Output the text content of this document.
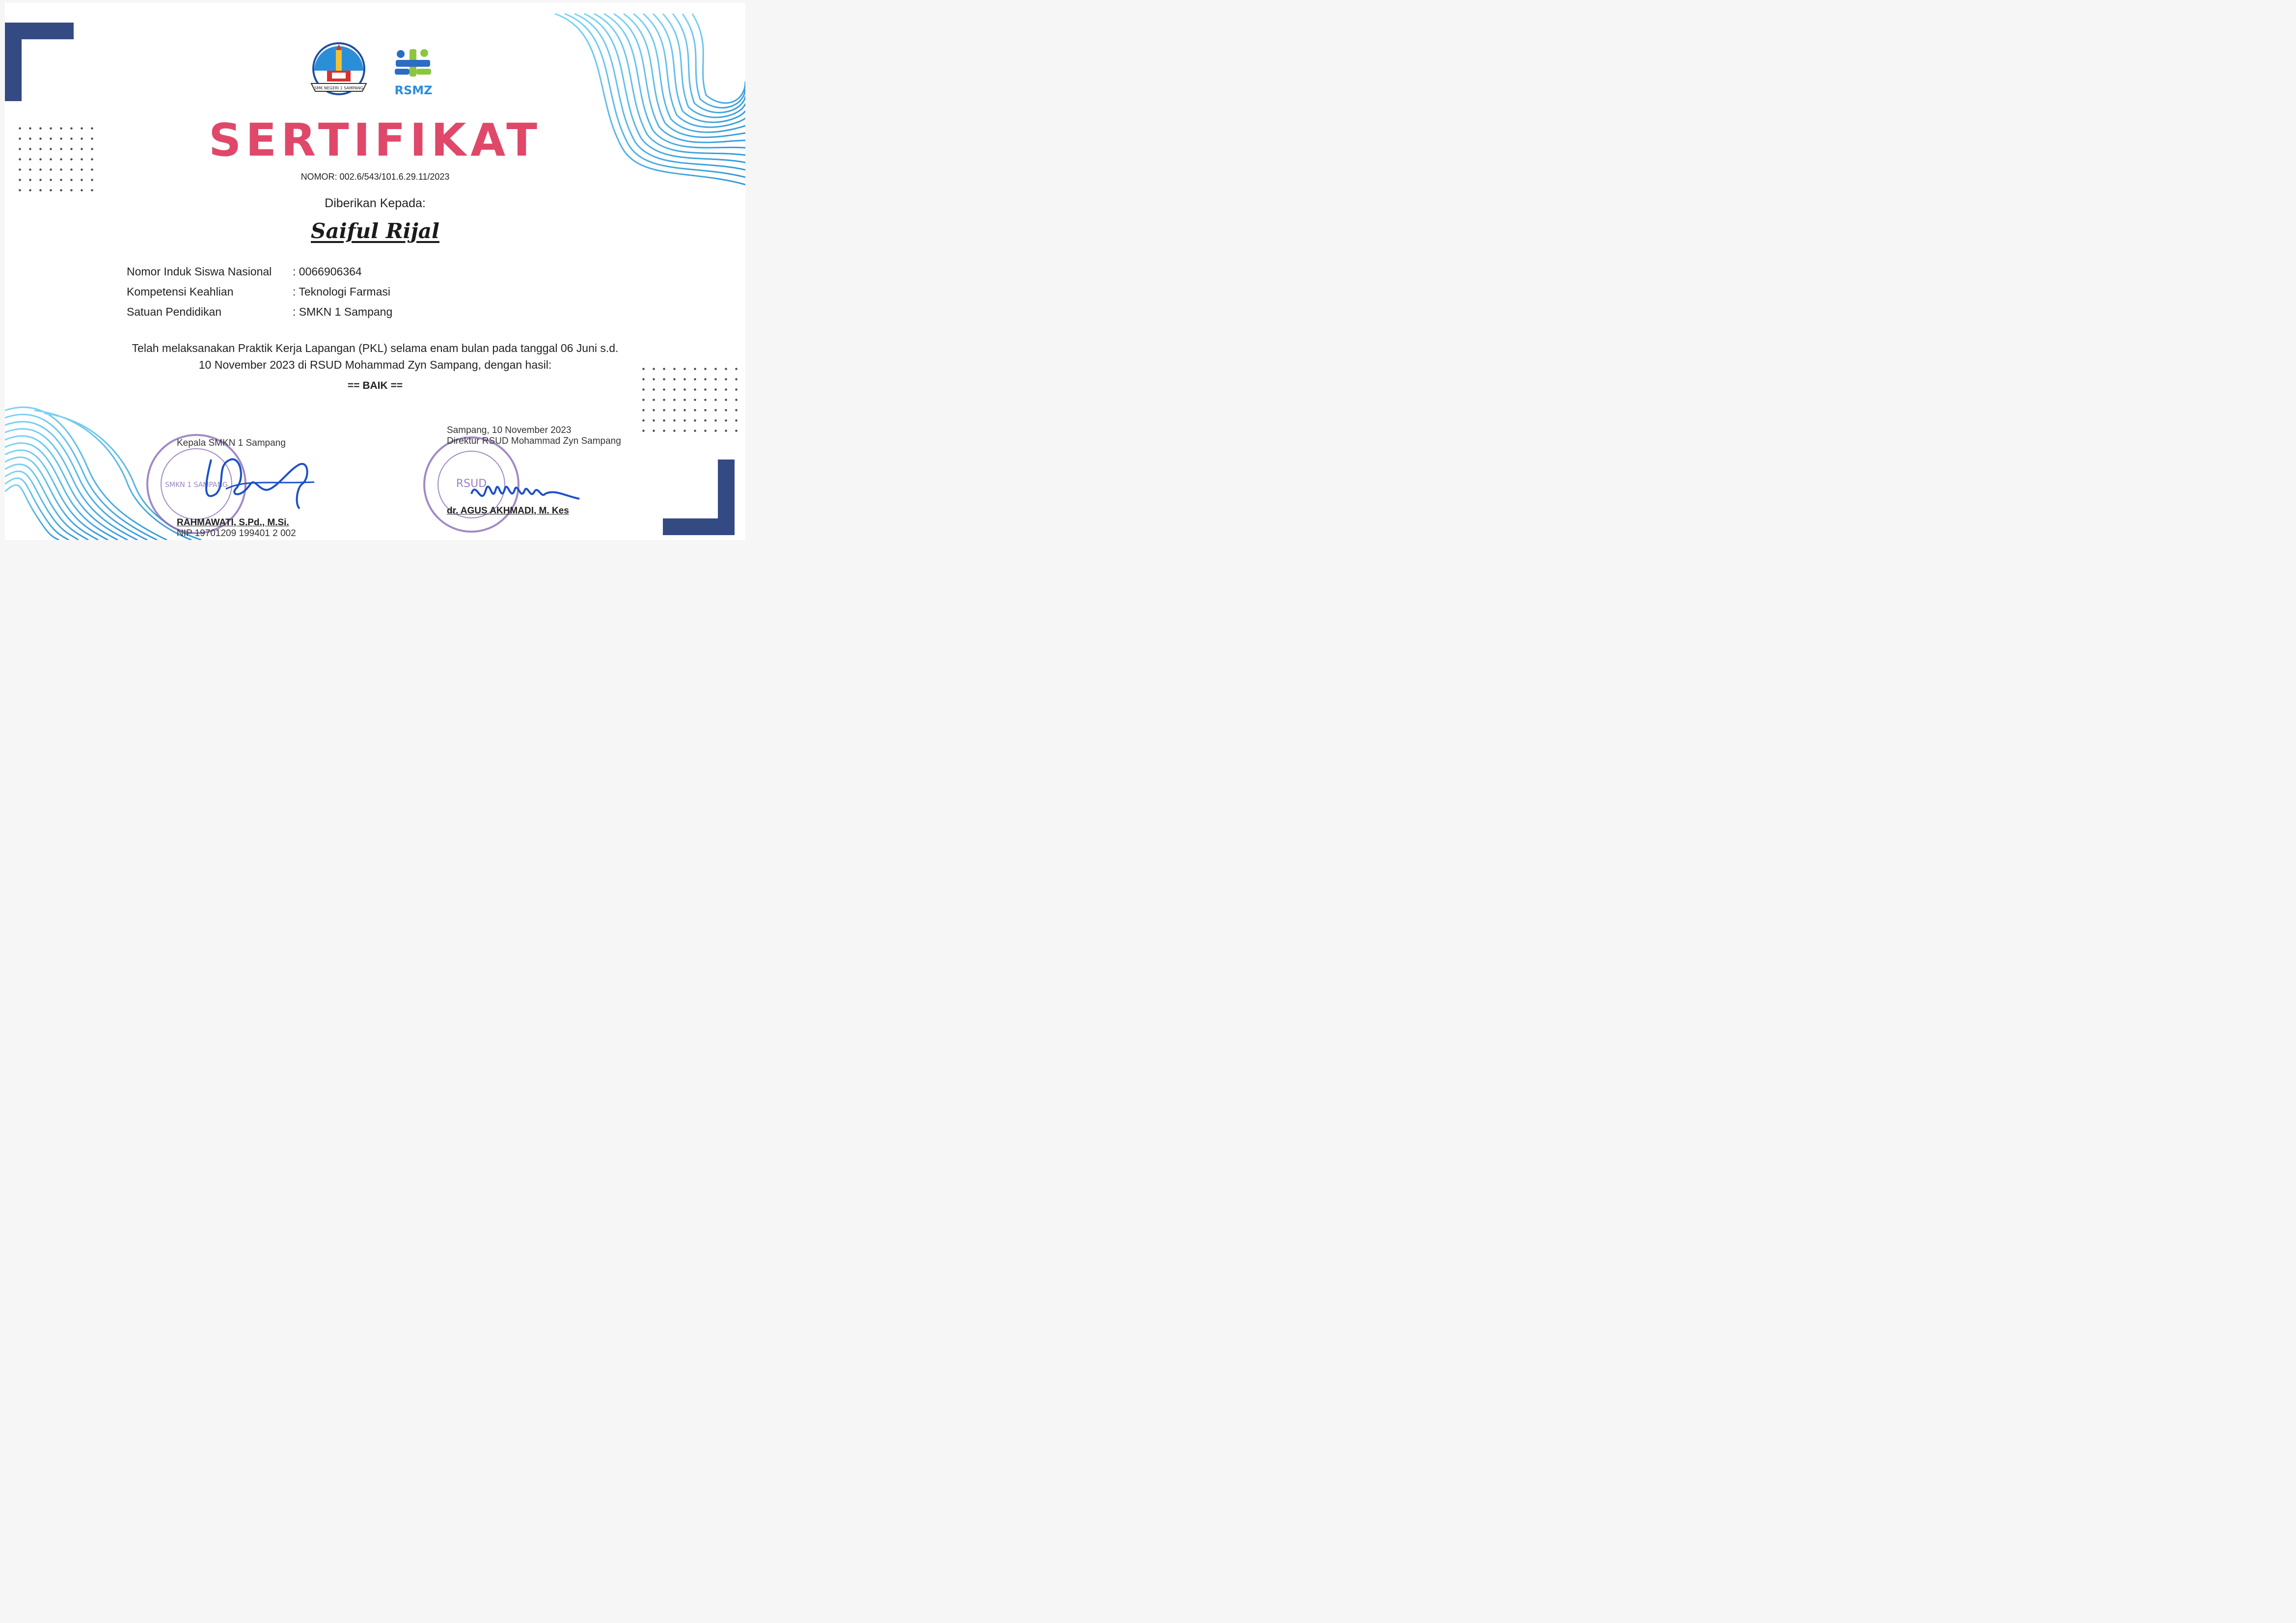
SMK NEGERI 1 SAMPANG	RSMZ
SERTIFIKAT
NOMOR: 002.6/543/101.6.29.11/2023
Diberikan Kepada:
Saiful Rijal
Nomor Induk Siswa Nasional : 0066906364
Kompetensi Keahlian	: Teknologi Farmasi
Satuan Pendidikan	: SMKN 1 Sampang
Telah melaksanakan Praktik Kerja Lapangan (PKL) selama enam bulan pada tanggal 06 Juni s.d.
10 November 2023 di RSUD Mohammad Zyn Sampang, dengan hasil:
== BAIK ==
SMKN 1 SAMPANG
Kepala SMKN 1 Sampang
RAHMAWATI, S.Pd., M.Si.
NIP 19701209 199401 2 002
RSUD
Sampang, 10 November 2023
Direktur RSUD Mohammad Zyn Sampang
dr. AGUS AKHMADI, M. Kes
